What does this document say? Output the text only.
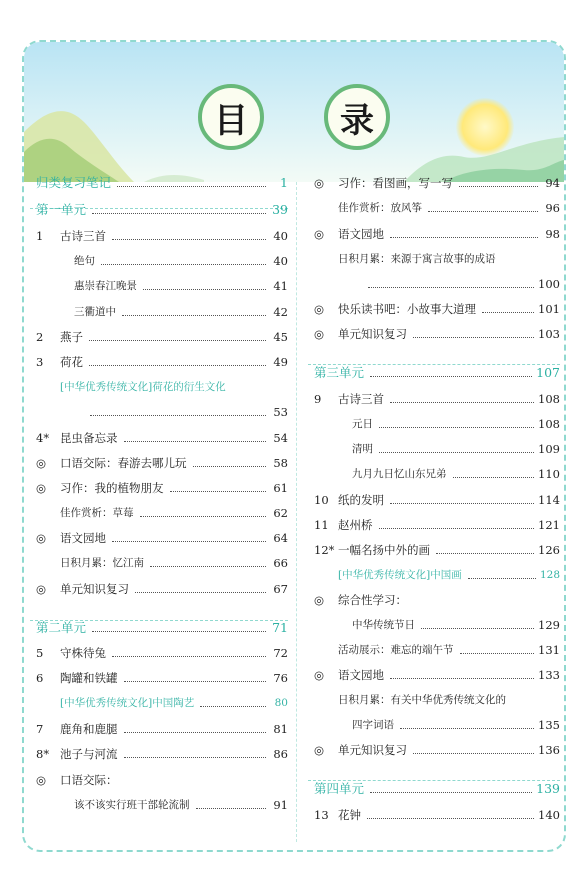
目	录
归类复习笔记	1
第一单元	39
1	古诗三首	40
绝句	40
惠崇春江晚景	41
三衢道中	42
2	燕子	45
3	荷花	49
[中华优秀传统文化]荷花的衍生文化
53
4* 昆虫备忘录	54
◎	口语交际：春游去哪儿玩	58
◎	习作：我的植物朋友	61
佳作赏析：草莓	62
◎	语文园地	64
日积月累：忆江南	66
◎	单元知识复习	67
第二单元	71
5	守株待兔	72
6	陶罐和铁罐	76
[中华优秀传统文化]中国陶艺	80
7	鹿角和鹿腿	81
8* 池子与河流	86
◎	口语交际：
该不该实行班干部轮流制	91
◎	习作：看图画，写一写	94
佳作赏析：放风筝	96
◎	语文园地	98
日积月累：来源于寓言故事的成语
100
◎	快乐读书吧：小故事大道理	101
◎	单元知识复习	103
第三单元	107
9	古诗三首	108
元日	108
清明	109
九月九日忆山东兄弟	110
10 纸的发明	114
11 赵州桥	121
12* 一幅名扬中外的画	126
[中华优秀传统文化]中国画	128
◎	综合性学习：
中华传统节日	129
活动展示：难忘的端午节	131
◎	语文园地	133
日积月累：有关中华优秀传统文化的
四字词语	135
◎	单元知识复习	136
第四单元	139
13 花钟	140
